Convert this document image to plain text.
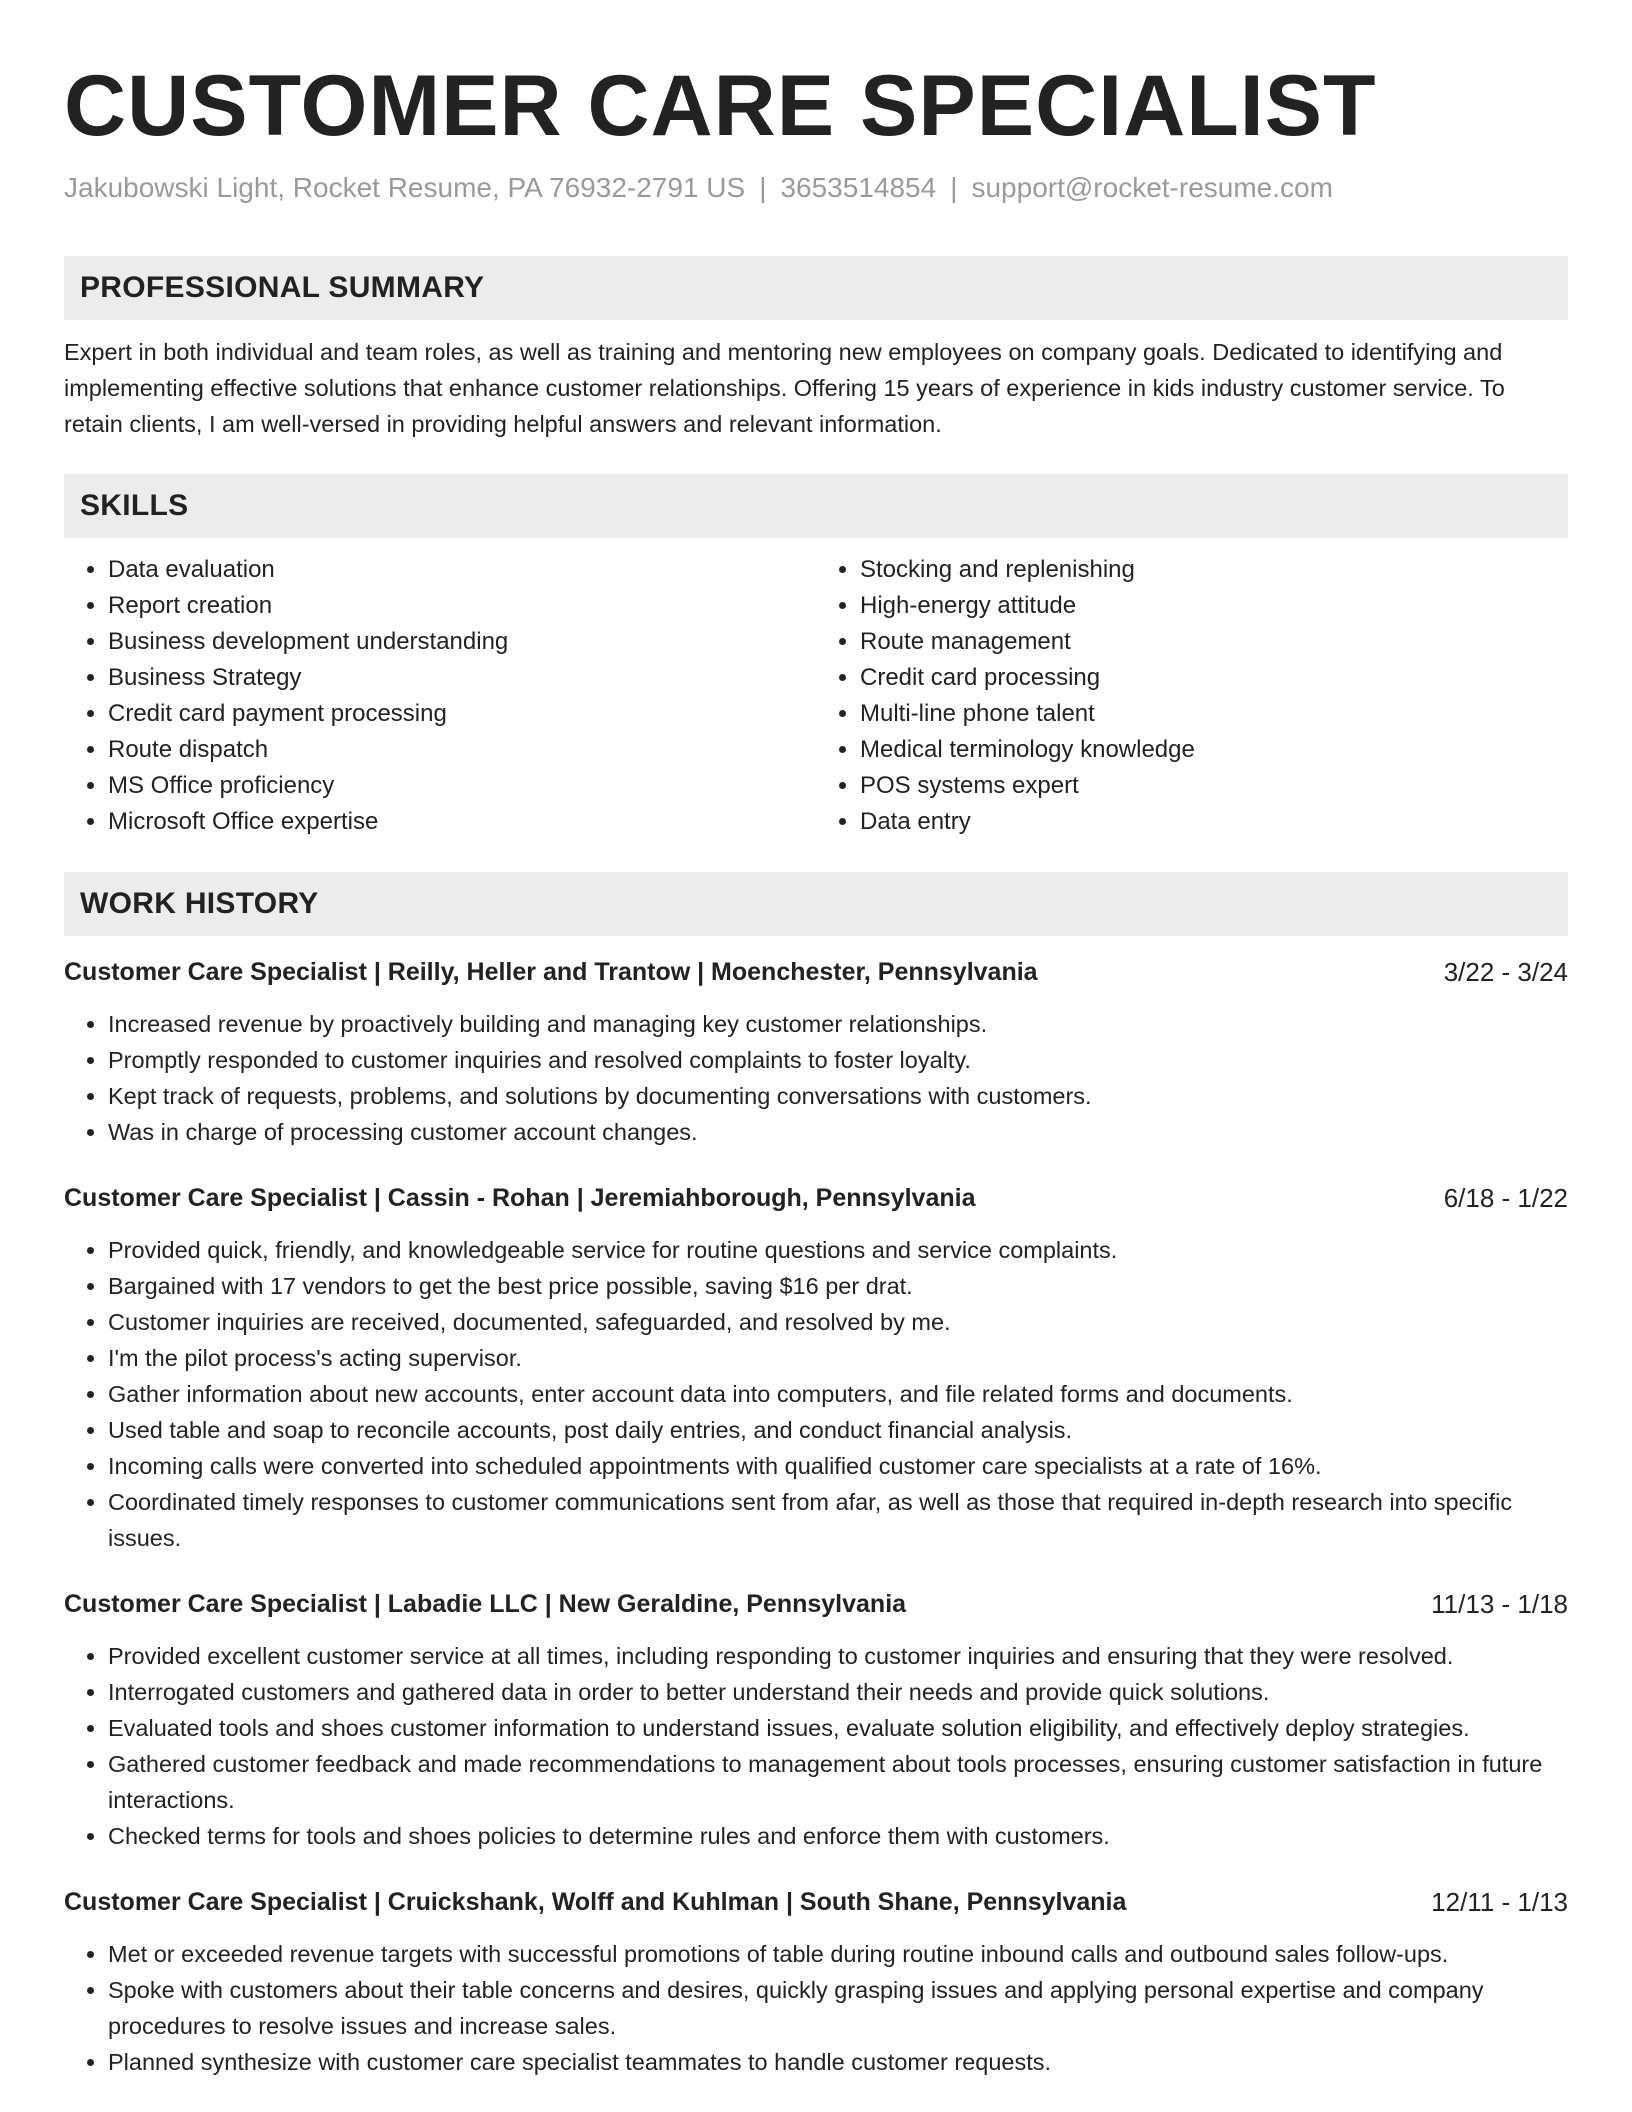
CUSTOMER CARE SPECIALIST
Jakubowski Light, Rocket Resume, PA 76932-2791 US | 3653514854 | support@rocket-resume.com
PROFESSIONAL SUMMARY
Expert in both individual and team roles, as well as training and mentoring new employees on company goals. Dedicated to identifying and implementing effective solutions that enhance customer relationships. Offering 15 years of experience in kids industry customer service. To retain clients, I am well-versed in providing helpful answers and relevant information.
SKILLS
• Data evaluation
• Report creation
• Business development understanding
• Business Strategy
• Credit card payment processing
• Route dispatch
• MS Office proficiency
• Microsoft Office expertise
• Stocking and replenishing
• High-energy attitude
• Route management
• Credit card processing
• Multi-line phone talent
• Medical terminology knowledge
• POS systems expert
• Data entry
WORK HISTORY
Customer Care Specialist | Reilly, Heller and Trantow | Moenchester, Pennsylvania	3/22 - 3/24
• Increased revenue by proactively building and managing key customer relationships.
• Promptly responded to customer inquiries and resolved complaints to foster loyalty.
• Kept track of requests, problems, and solutions by documenting conversations with customers.
• Was in charge of processing customer account changes.
Customer Care Specialist | Cassin - Rohan | Jeremiahborough, Pennsylvania	6/18 - 1/22
• Provided quick, friendly, and knowledgeable service for routine questions and service complaints.
• Bargained with 17 vendors to get the best price possible, saving $16 per drat.
• Customer inquiries are received, documented, safeguarded, and resolved by me.
• I'm the pilot process's acting supervisor.
• Gather information about new accounts, enter account data into computers, and file related forms and documents.
• Used table and soap to reconcile accounts, post daily entries, and conduct financial analysis.
• Incoming calls were converted into scheduled appointments with qualified customer care specialists at a rate of 16%.
• Coordinated timely responses to customer communications sent from afar, as well as those that required in-depth research into specific issues.
Customer Care Specialist | Labadie LLC | New Geraldine, Pennsylvania	11/13 - 1/18
• Provided excellent customer service at all times, including responding to customer inquiries and ensuring that they were resolved.
• Interrogated customers and gathered data in order to better understand their needs and provide quick solutions.
• Evaluated tools and shoes customer information to understand issues, evaluate solution eligibility, and effectively deploy strategies.
• Gathered customer feedback and made recommendations to management about tools processes, ensuring customer satisfaction in future interactions.
• Checked terms for tools and shoes policies to determine rules and enforce them with customers.
Customer Care Specialist | Cruickshank, Wolff and Kuhlman | South Shane, Pennsylvania	12/11 - 1/13
• Met or exceeded revenue targets with successful promotions of table during routine inbound calls and outbound sales follow-ups.
• Spoke with customers about their table concerns and desires, quickly grasping issues and applying personal expertise and company procedures to resolve issues and increase sales.
• Planned synthesize with customer care specialist teammates to handle customer requests.
